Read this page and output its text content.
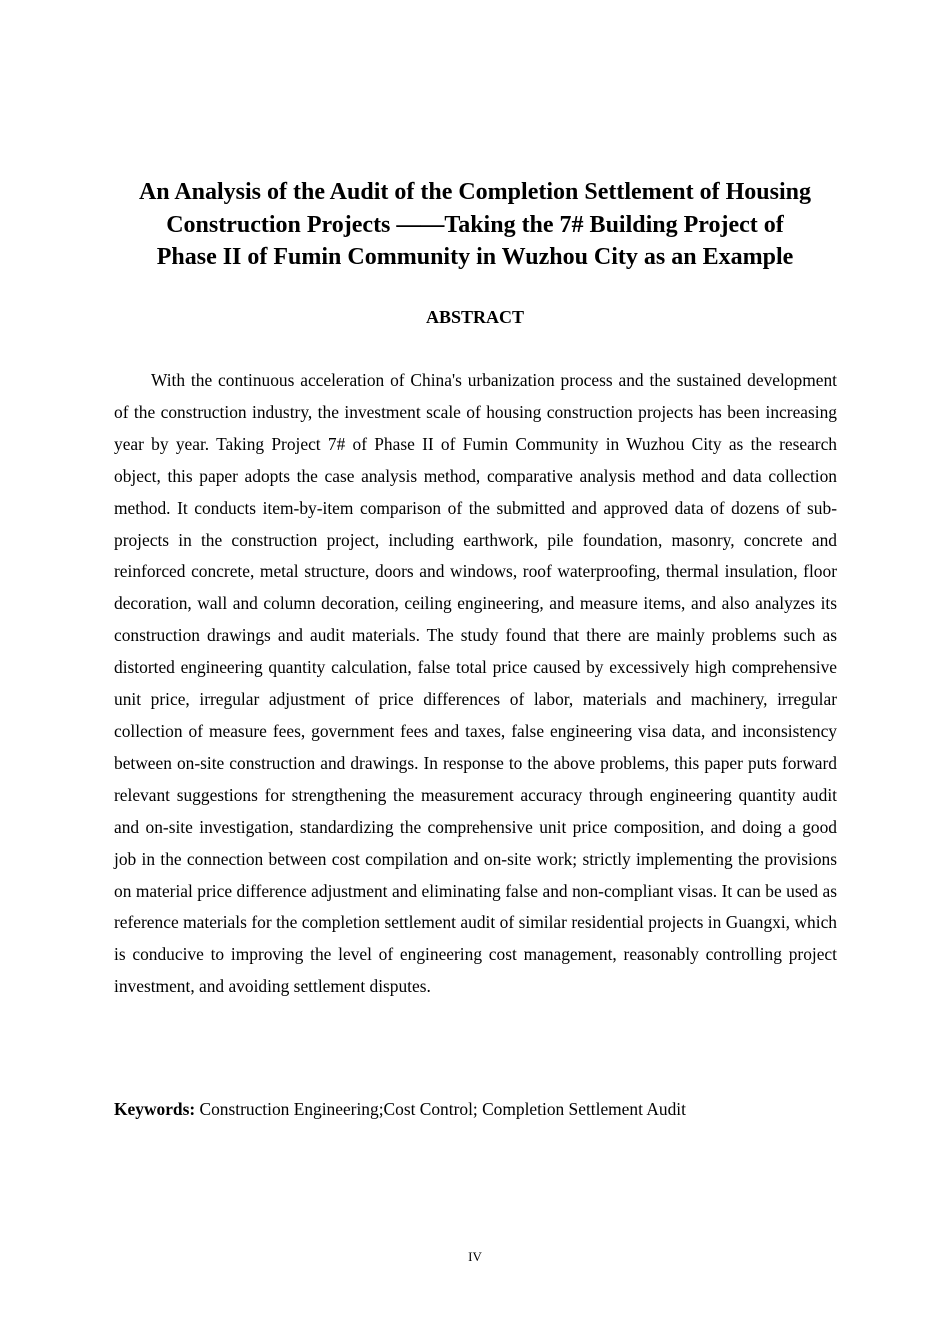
An Analysis of the Audit of the Completion Settlement of Housing
Construction Projects ——Taking the 7# Building Project of
Phase II of Fumin Community in Wuzhou City as an Example
ABSTRACT

With the continuous acceleration of China's urbanization process and the sustained development of the construction industry, the investment scale of housing construction projects has been increasing year by year. Taking Project 7# of Phase II of Fumin Community in Wuzhou City as the research object, this paper adopts the case analysis method, comparative analysis method and data collection method. It conducts item-by-item comparison of the submitted and approved data of dozens of sub-projects in the construction project, including earthwork, pile foundation, masonry, concrete and reinforced concrete, metal structure, doors and windows, roof waterproofing, thermal insulation, floor decoration, wall and column decoration, ceiling engineering, and measure items, and also analyzes its construction drawings and audit materials. The study found that there are mainly problems such as distorted engineering quantity calculation, false total price caused by excessively high comprehensive unit price, irregular adjustment of price differences of labor, materials and machinery, irregular collection of measure fees, government fees and taxes, false engineering visa data, and inconsistency between on-site construction and drawings. In response to the above problems, this paper puts forward relevant suggestions for strengthening the measurement accuracy through engineering quantity audit and on-site investigation, standardizing the comprehensive unit price composition, and doing a good job in the connection between cost compilation and on-site work; strictly implementing the provisions on material price difference adjustment and eliminating false and non-compliant visas. It can be used as reference materials for the completion settlement audit of similar residential projects in Guangxi, which is conducive to improving the level of engineering cost management, reasonably controlling project investment, and avoiding settlement disputes.

Keywords: Construction Engineering;Cost Control; Completion Settlement Audit

IV
